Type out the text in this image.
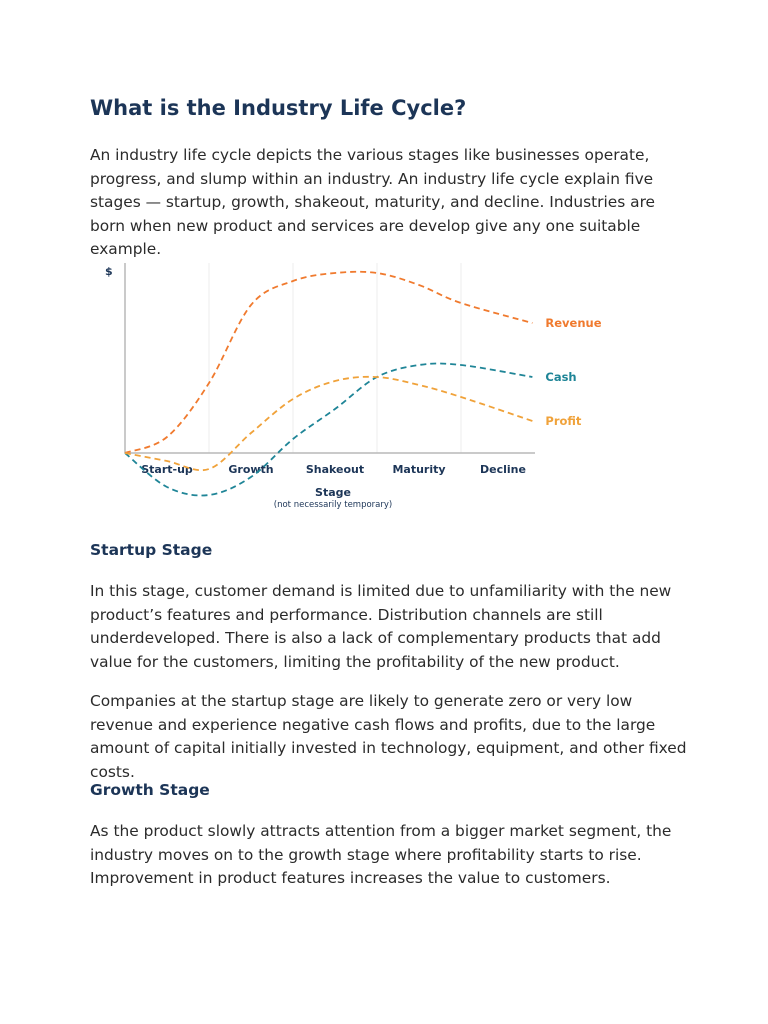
What is the Industry Life Cycle?

An industry life cycle depicts the various stages like businesses operate, progress, and slump within an industry. An industry life cycle explain five stages — startup, growth, shakeout, maturity, and decline. Industries are born when new product and services are develop give any one suitable example.

Startup Stage

In this stage, customer demand is limited due to unfamiliarity with the new product’s features and performance. Distribution channels are still underdeveloped. There is also a lack of complementary products that add value for the customers, limiting the profitability of the new product.

Companies at the startup stage are likely to generate zero or very low revenue and experience negative cash flows and profits, due to the large amount of capital initially invested in technology, equipment, and other fixed costs.

Growth Stage

As the product slowly attracts attention from a bigger market segment, the industry moves on to the growth stage where profitability starts to rise. Improvement in product features increases the value to customers.

$
Start-up	Growth	Shakeout	Maturity	Decline
Revenue
Cash
Profit
Stage
(not necessarily temporary)
